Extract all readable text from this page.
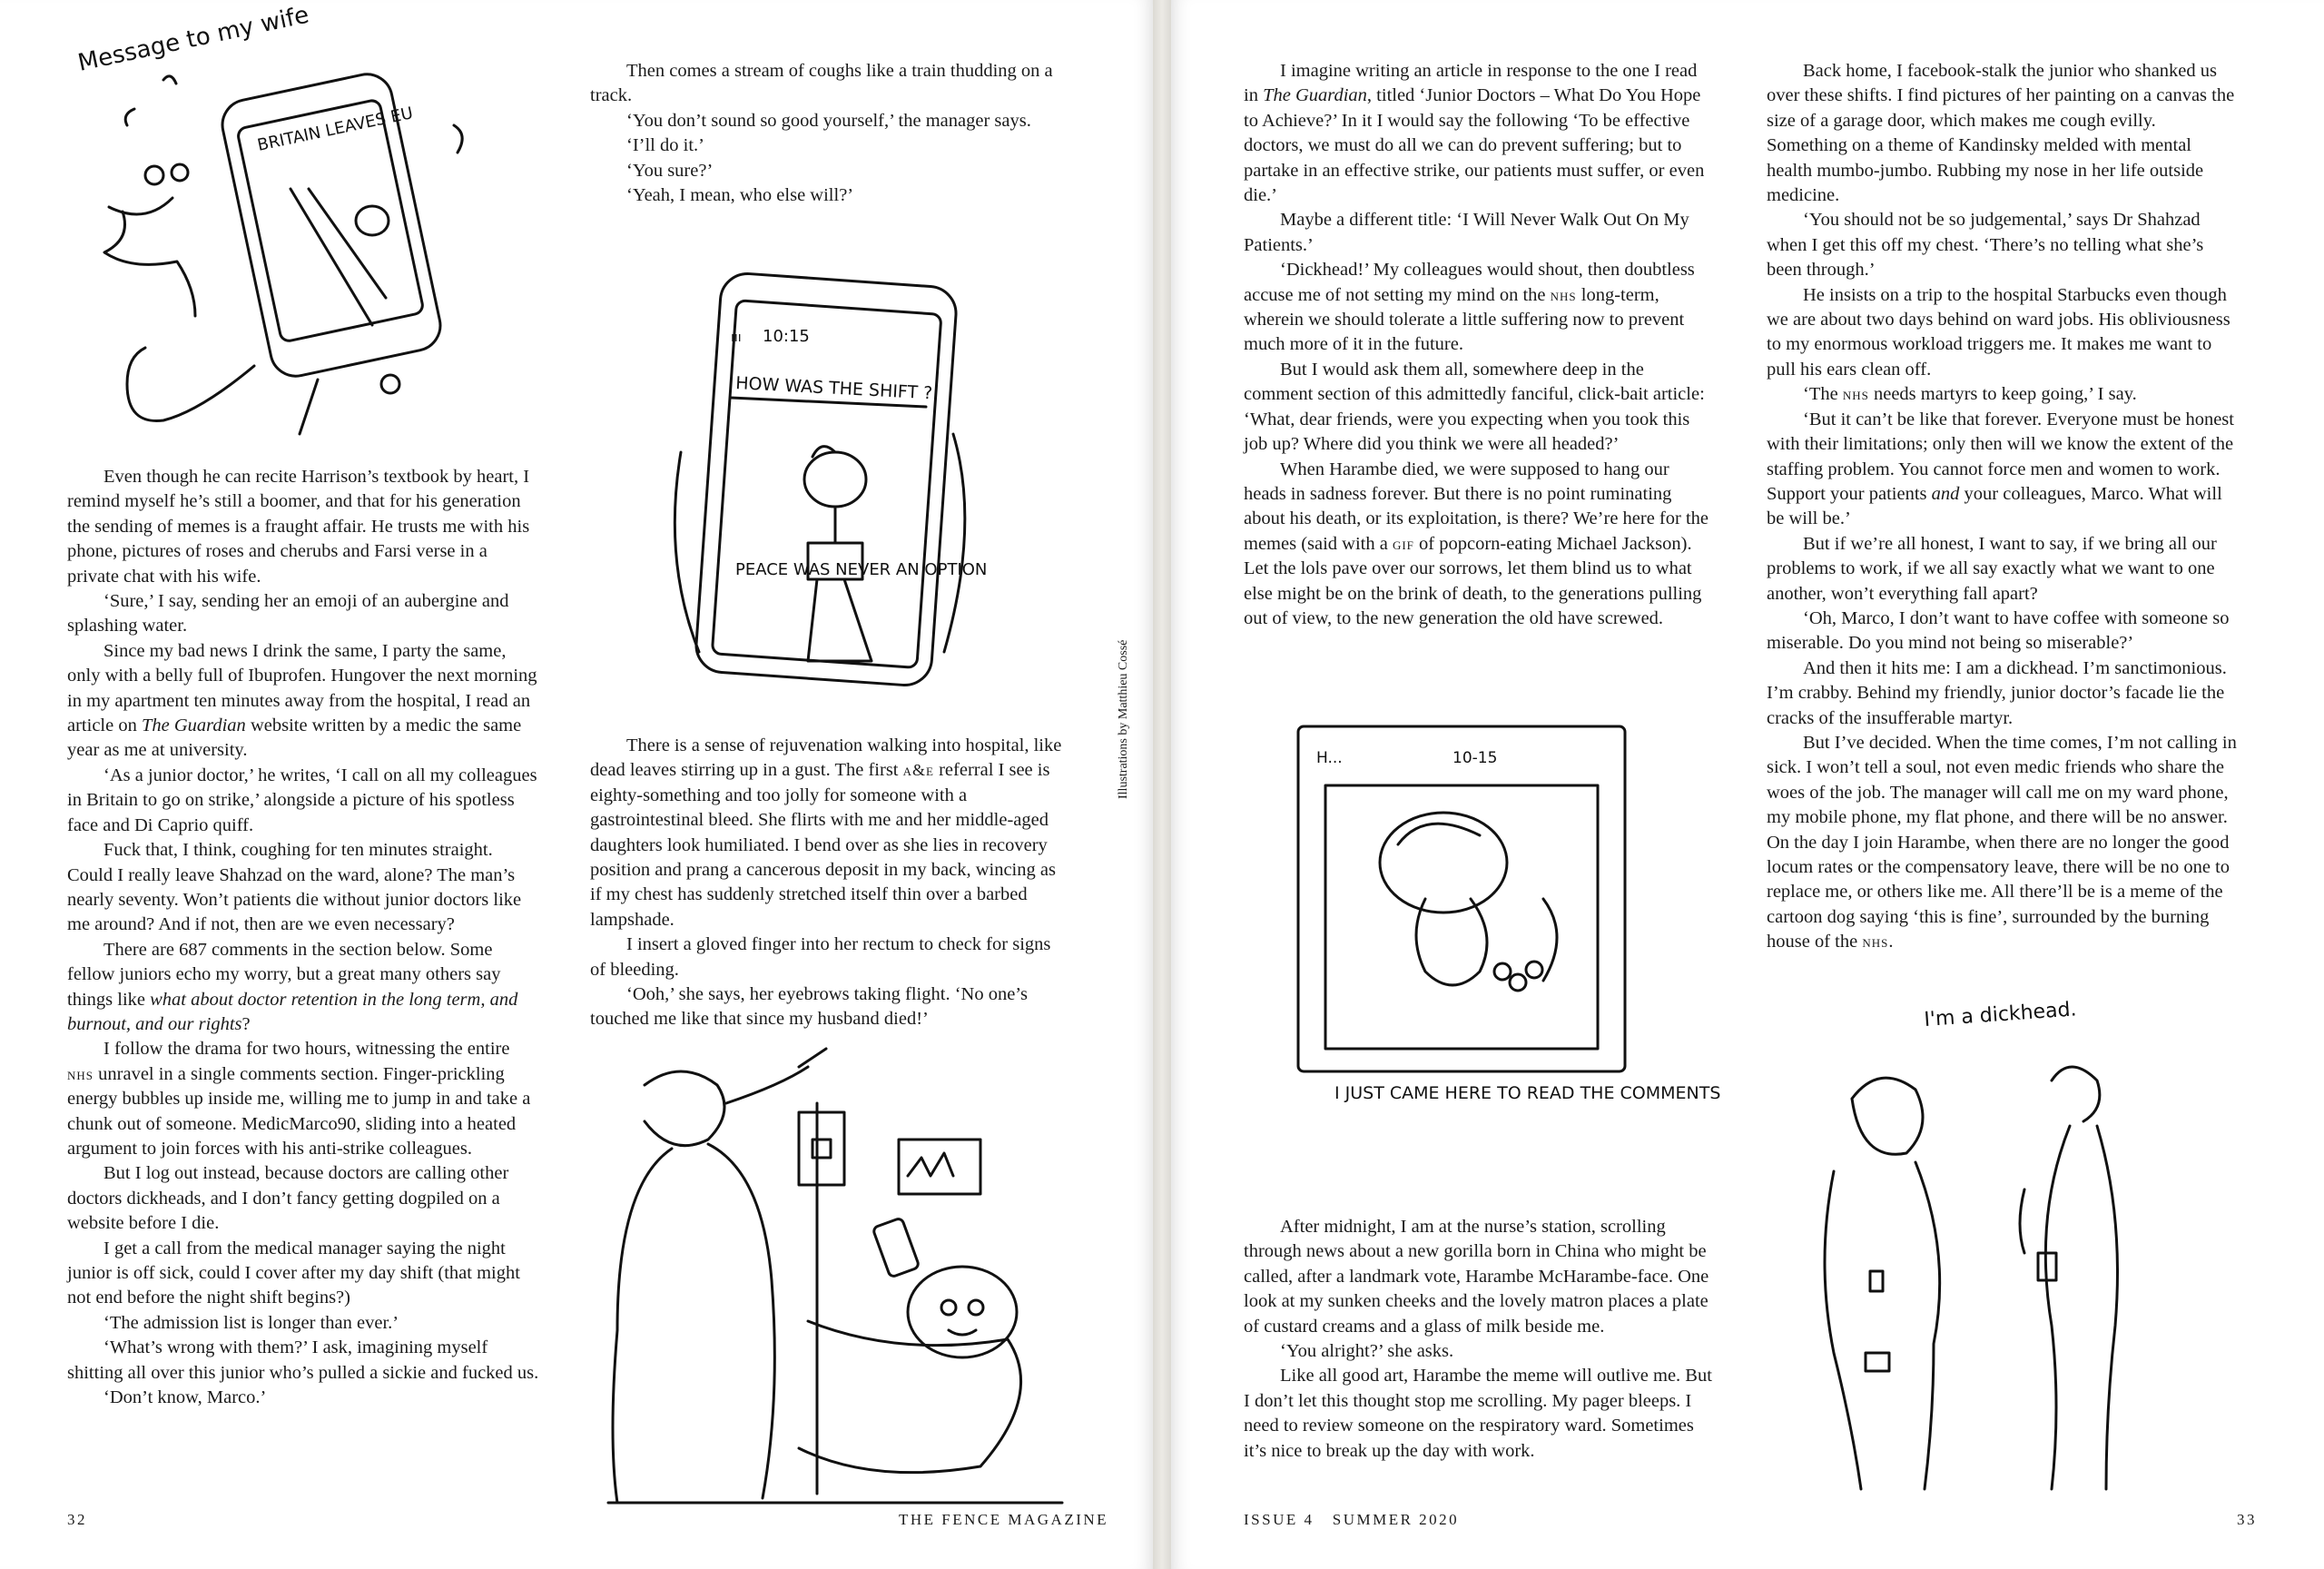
Message to my wife
BRITAIN LEAVES EU
10:15
ııı
HOW WAS THE SHIFT ?
PEACE WAS NEVER AN OPTION
H...	10-15
I JUST CAME HERE TO READ THE COMMENTS
I'm a dickhead.

Even though he can recite Harrison’s textbook by heart, I remind myself he’s still a boomer, and that for his generation the sending of memes is a fraught affair. He trusts me with his phone, pictures of roses and cherubs and Farsi verse in a private chat with his wife.

‘Sure,’ I say, sending her an emoji of an aubergine and splashing water.

Since my bad news I drink the same, I party the same, only with a belly full of Ibuprofen. Hungover the next morning in my apartment ten minutes away from the hospital, I read an article on The Guardian website written by a medic the same year as me at university.

‘As a junior doctor,’ he writes, ‘I call on all my colleagues in Britain to go on strike,’ alongside a picture of his spotless face and Di Caprio quiff.

Fuck that, I think, coughing for ten minutes straight. Could I really leave Shahzad on the ward, alone? The man’s nearly seventy. Won’t patients die without junior doctors like me around? And if not, then are we even necessary?

There are 687 comments in the section below. Some fellow juniors echo my worry, but a great many others say things like what about doctor retention in the long term, and burnout, and our rights?

I follow the drama for two hours, witnessing the entire nhs unravel in a single comments section. Finger-prickling energy bubbles up inside me, willing me to jump in and take a chunk out of someone. MedicMarco90, sliding into a heated argument to join forces with his anti-strike colleagues.

But I log out instead, because doctors are calling other doctors dickheads, and I don’t fancy getting dogpiled on a website before I die.

I get a call from the medical manager saying the night junior is off sick, could I cover after my day shift (that might not end before the night shift begins?)

‘The admission list is longer than ever.’

‘What’s wrong with them?’ I ask, imagining myself shitting all over this junior who’s pulled a sickie and fucked us.

‘Don’t know, Marco.’

Then comes a stream of coughs like a train thudding on a track.

‘You don’t sound so good yourself,’ the manager says.

‘I’ll do it.’

‘You sure?’

‘Yeah, I mean, who else will?’

There is a sense of rejuvenation walking into hospital, like dead leaves stirring up in a gust. The first a&e referral I see is eighty-something and too jolly for someone with a gastrointestinal bleed. She flirts with me and her middle-aged daughters look humiliated. I bend over as she lies in recovery position and prang a cancerous deposit in my back, wincing as if my chest has suddenly stretched itself thin over a barbed lampshade.

I insert a gloved finger into her rectum to check for signs of bleeding.

‘Ooh,’ she says, her eyebrows taking flight. ‘No one’s touched me like that since my husband died!’

I imagine writing an article in response to the one I read in The Guardian, titled ‘Junior Doctors – What Do You Hope to Achieve?’ In it I would say the following ‘To be effective doctors, we must do all we can do prevent suffering; but to partake in an effective strike, our patients must suffer, or even die.’

Maybe a different title: ‘I Will Never Walk Out On My Patients.’

‘Dickhead!’ My colleagues would shout, then doubtless accuse me of not setting my mind on the nhs long-term, wherein we should tolerate a little suffering now to prevent much more of it in the future.

But I would ask them all, somewhere deep in the comment section of this admittedly fanciful, click-bait article: ‘What, dear friends, were you expecting when you took this job up? Where did you think we were all headed?’

When Harambe died, we were supposed to hang our heads in sadness forever. But there is no point ruminating about his death, or its exploitation, is there? We’re here for the memes (said with a gif of popcorn-eating Michael Jackson). Let the lols pave over our sorrows, let them blind us to what else might be on the brink of death, to the generations pulling out of view, to the new generation the old have screwed.

After midnight, I am at the nurse’s station, scrolling through news about a new gorilla born in China who might be called, after a landmark vote, Harambe McHarambe-face. One look at my sunken cheeks and the lovely matron places a plate of custard creams and a glass of milk beside me.

‘You alright?’ she asks.

Like all good art, Harambe the meme will outlive me. But I don’t let this thought stop me scrolling. My pager bleeps. I need to review someone on the respiratory ward. Sometimes it’s nice to break up the day with work.

Back home, I facebook-stalk the junior who shanked us over these shifts. I find pictures of her painting on a canvas the size of a garage door, which makes me cough evilly. Something on a theme of Kandinsky melded with mental health mumbo-jumbo. Rubbing my nose in her life outside medicine.

‘You should not be so judgemental,’ says Dr Shahzad when I get this off my chest. ‘There’s no telling what she’s been through.’

He insists on a trip to the hospital Starbucks even though we are about two days behind on ward jobs. His obliviousness to my enormous workload triggers me. It makes me want to pull his ears clean off.

‘The nhs needs martyrs to keep going,’ I say.

‘But it can’t be like that forever. Everyone must be honest with their limitations; only then will we know the extent of the staffing problem. You cannot force men and women to work. Support your patients and your colleagues, Marco. What will be will be.’

But if we’re all honest, I want to say, if we bring all our problems to work, if we all say exactly what we want to one another, won’t everything fall apart?

‘Oh, Marco, I don’t want to have coffee with someone so miserable. Do you mind not being so miserable?’

And then it hits me: I am a dickhead. I’m sanctimonious. I’m crabby. Behind my friendly, junior doctor’s facade lie the cracks of the insufferable martyr.

But I’ve decided. When the time comes, I’m not calling in sick. I won’t tell a soul, not even medic friends who share the woes of the job. The manager will call me on my ward phone, my mobile phone, my flat phone, and there will be no answer. On the day I join Harambe, when there are no longer the good locum rates or the compensatory leave, there will be no one to replace me, or others like me. All there’ll be is a meme of the cartoon dog saying ‘this is fine’, surrounded by the burning house of the nhs.

Illustrations by Matthieu Cossé
32	THE FENCE MAGAZINE	ISSUE 4 SUMMER 2020	33
